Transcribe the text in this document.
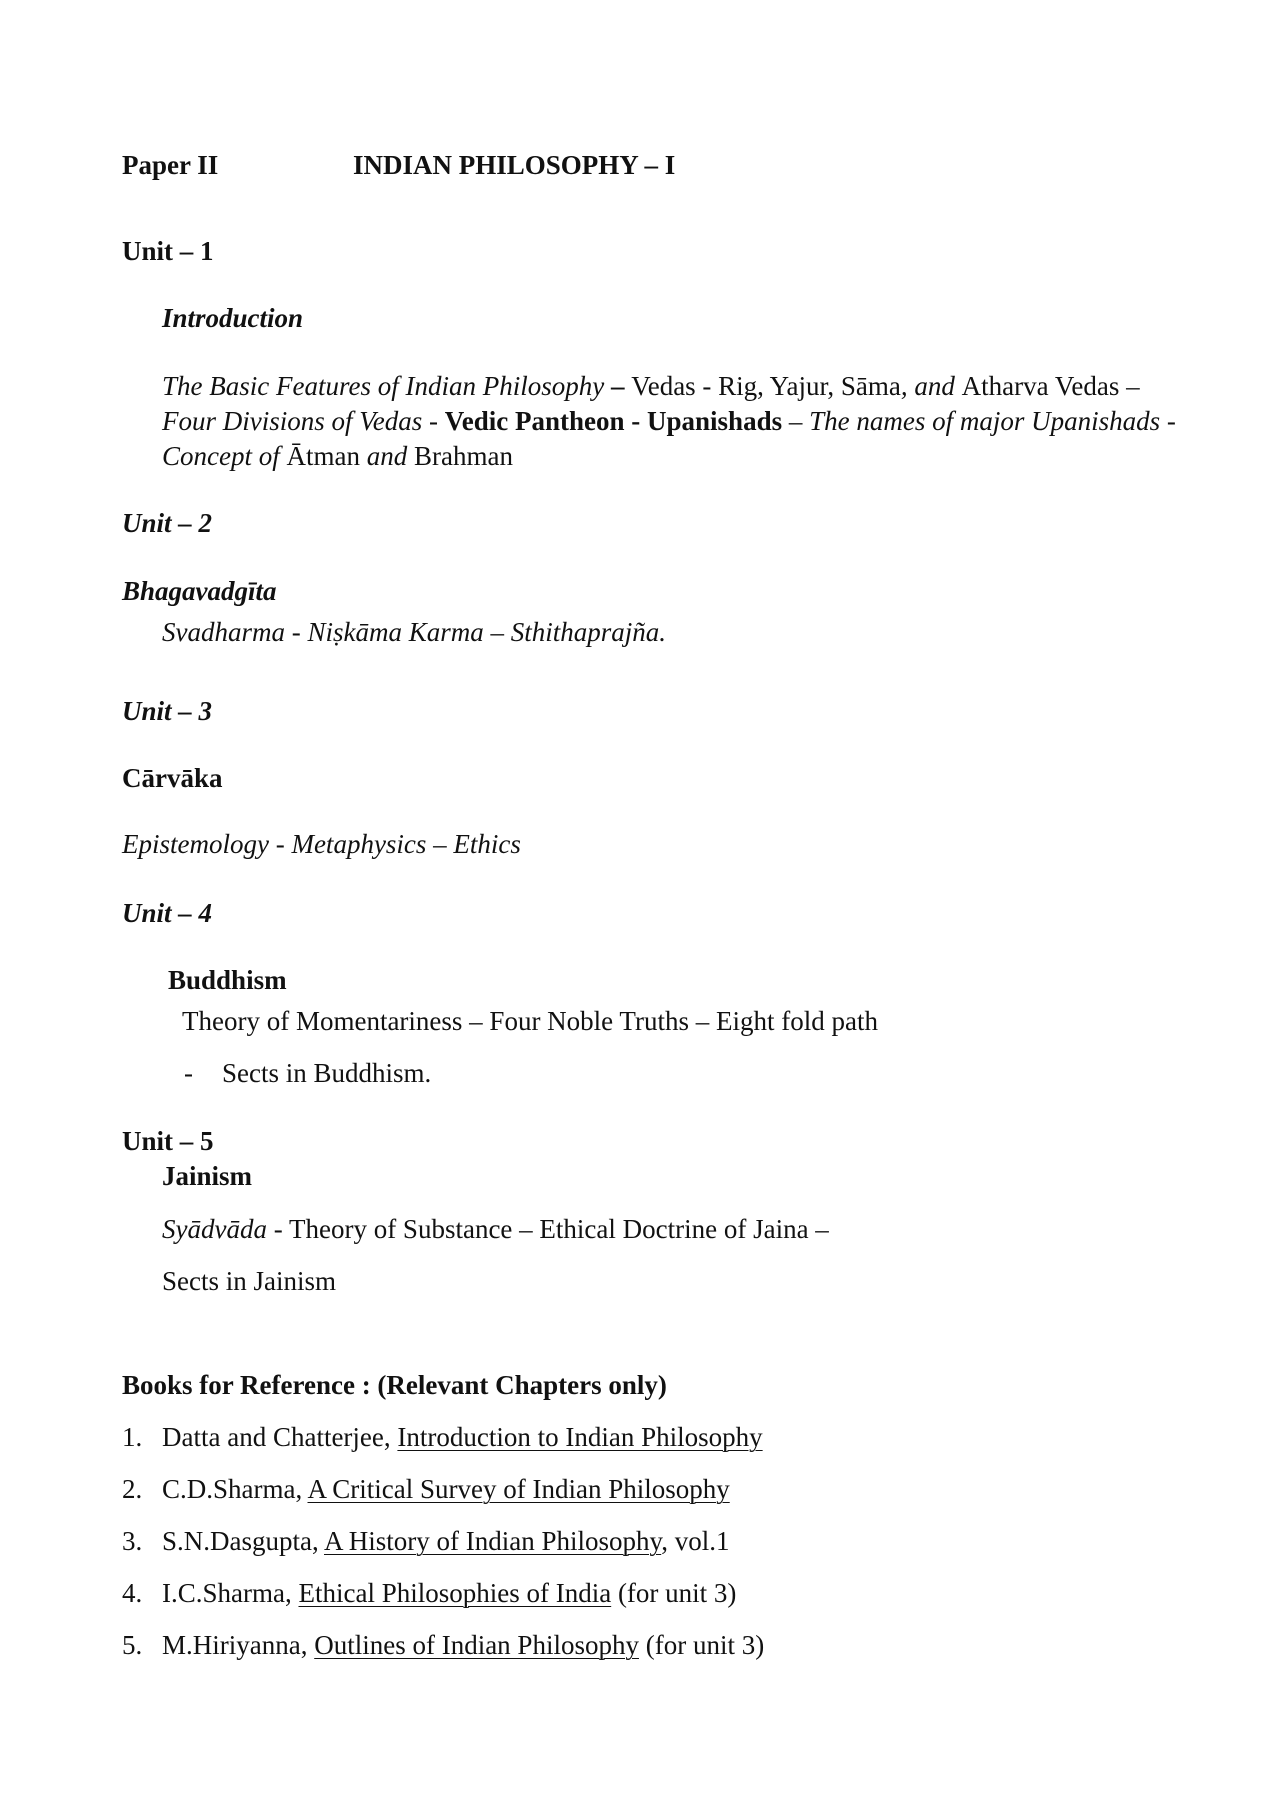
Paper II	INDIAN PHILOSOPHY – I
Unit – 1
Introduction
The Basic Features of Indian Philosophy – Vedas - Rig, Yajur, Sāma, and Atharva Vedas – Four Divisions of Vedas - Vedic Pantheon - Upanishads – The names of major Upanishads - Concept of Ātman and Brahman
Unit – 2
Bhagavadgīta
Svadharma - Niṣkāma Karma – Sthithaprajña.
Unit – 3
Cārvāka
Epistemology - Metaphysics – Ethics
Unit – 4
Buddhism
Theory of Momentariness – Four Noble Truths – Eight fold path
- Sects in Buddhism.
Unit – 5
Jainism
Syādvāda - Theory of Substance – Ethical Doctrine of Jaina –
Sects in Jainism
Books for Reference : (Relevant Chapters only)
1. Datta and Chatterjee, Introduction to Indian Philosophy
2. C.D.Sharma, A Critical Survey of Indian Philosophy
3. S.N.Dasgupta, A History of Indian Philosophy, vol.1
4. I.C.Sharma, Ethical Philosophies of India (for unit 3)
5. M.Hiriyanna, Outlines of Indian Philosophy (for unit 3)
